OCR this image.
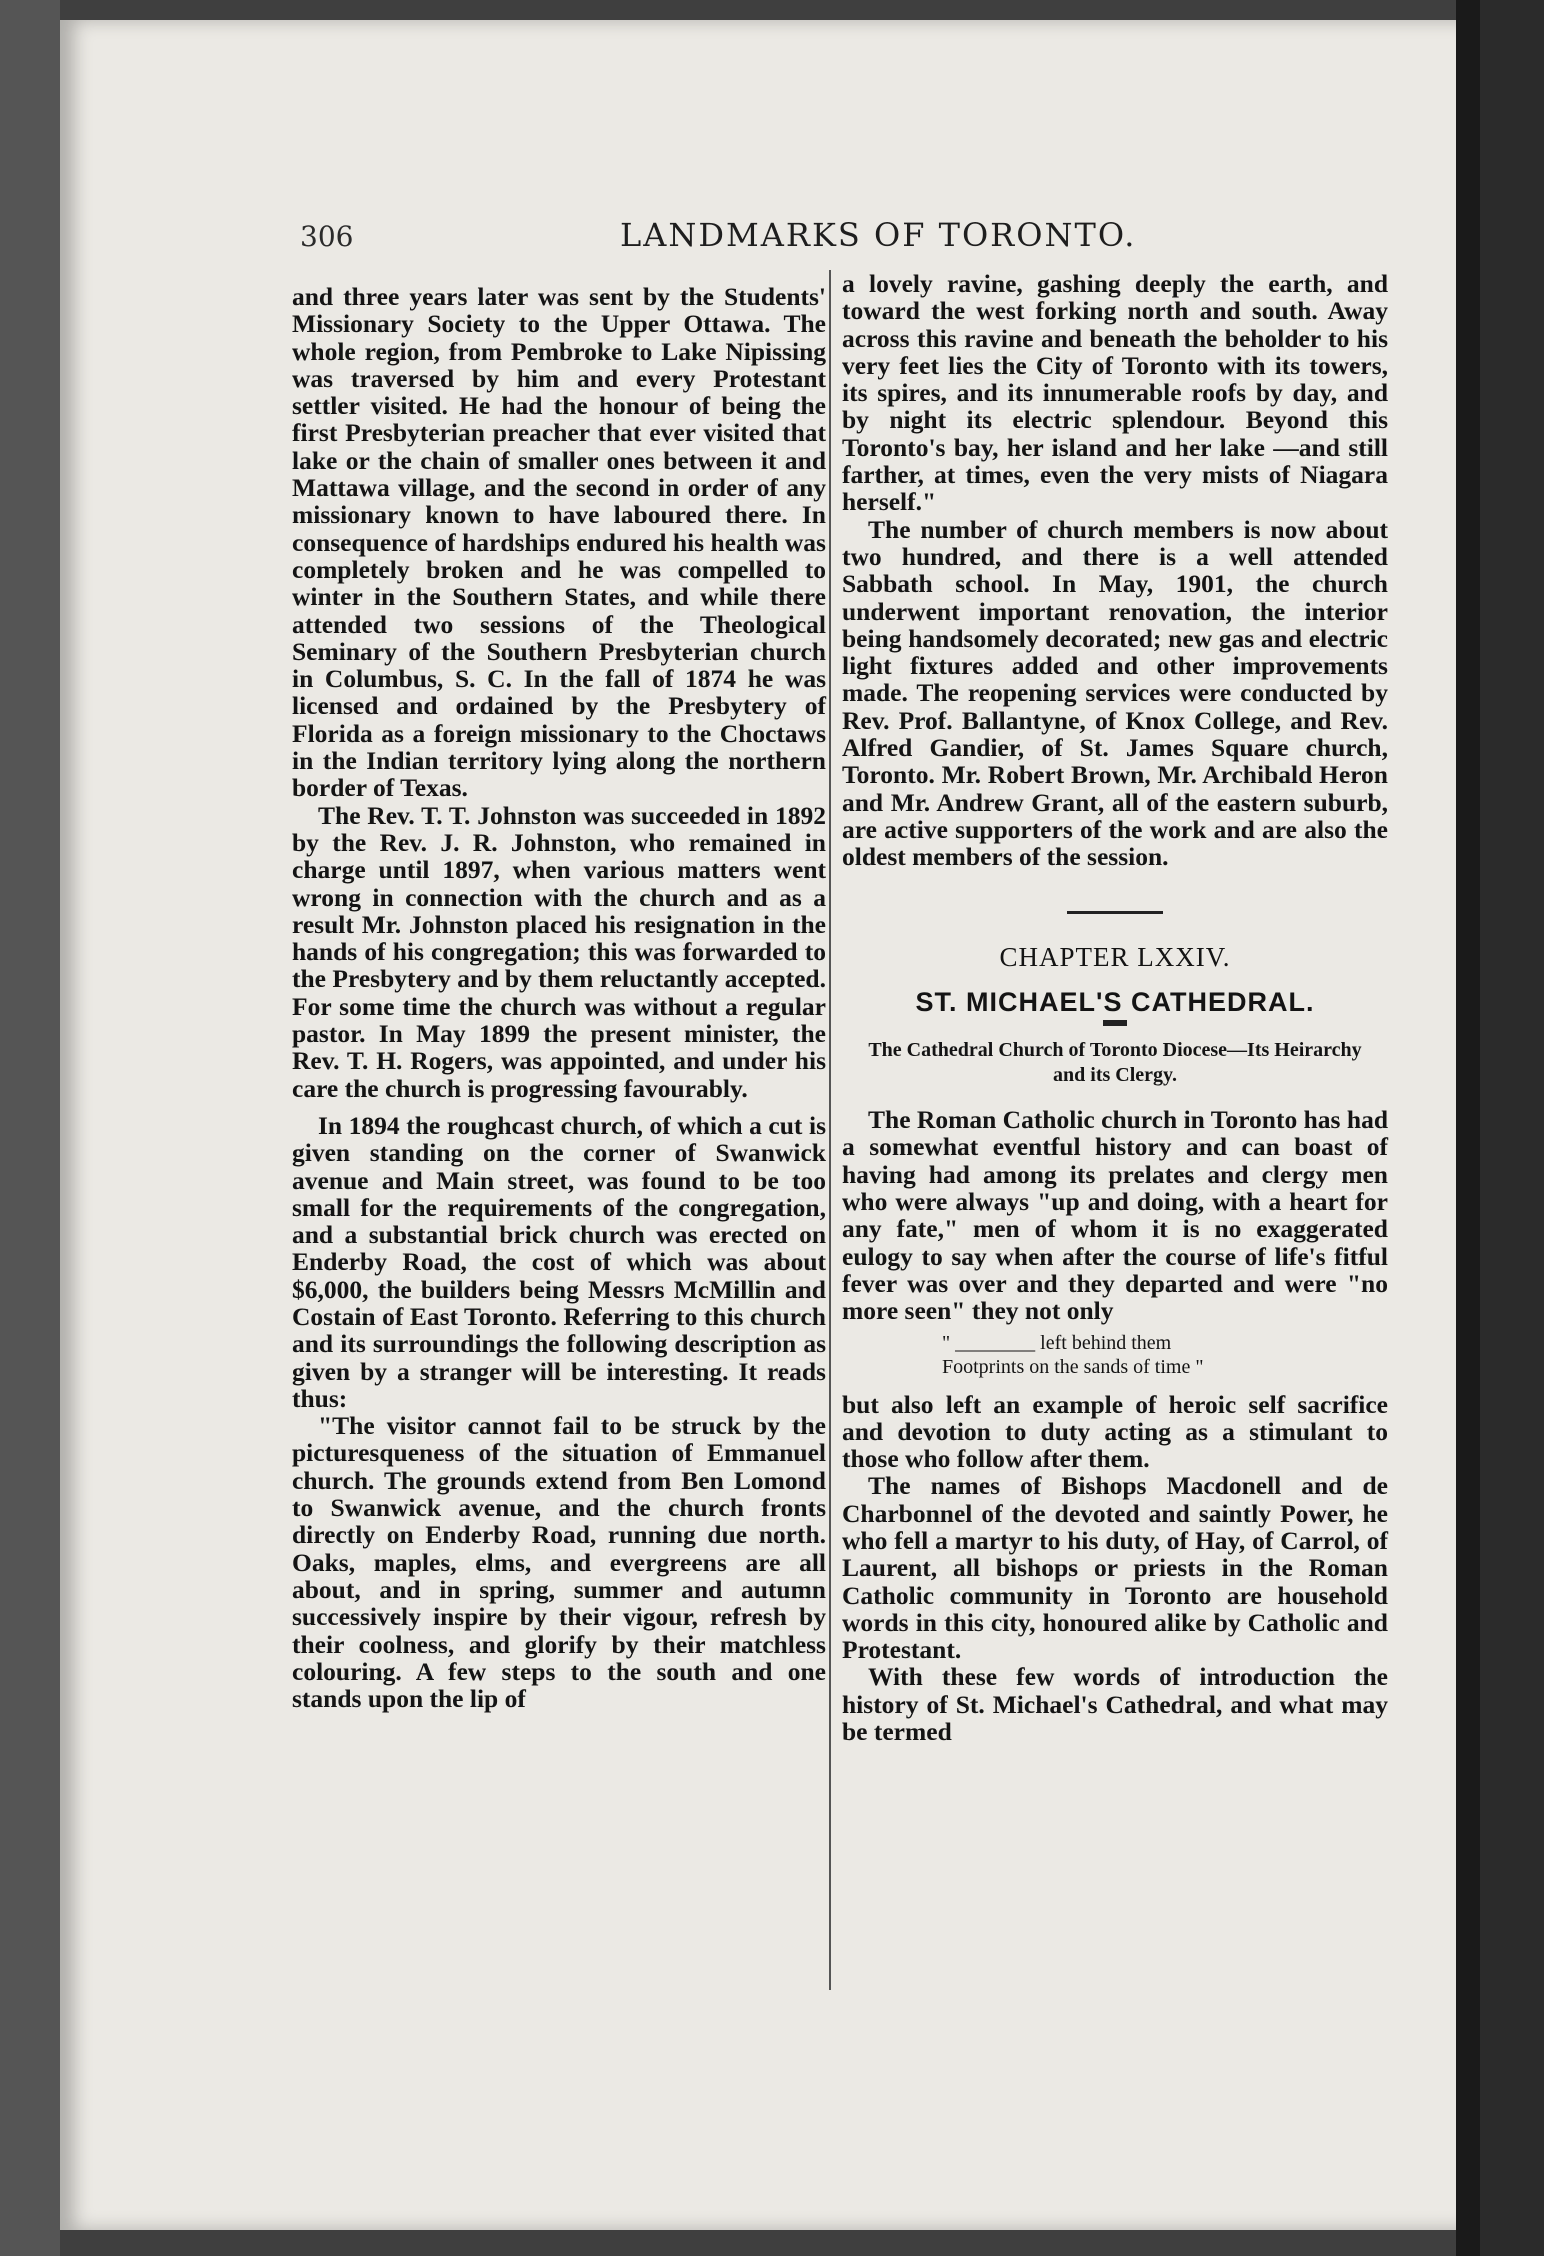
306	LANDMARKS OF TORONTO.

and three years later was sent by the Students' Missionary Society to the Upper Ottawa. The whole region, from Pembroke to Lake Nipissing was traversed by him and every Protestant settler visited. He had the honour of being the first Presbyterian preacher that ever visited that lake or the chain of smaller ones between it and Mattawa village, and the second in order of any missionary known to have laboured there. In consequence of hardships endured his health was completely broken and he was compelled to winter in the Southern States, and while there attended two sessions of the Theological Seminary of the Southern Presbyterian church in Columbus, S. C. In the fall of 1874 he was licensed and ordained by the Presbytery of Florida as a foreign missionary to the Choctaws in the Indian territory lying along the northern border of Texas.

The Rev. T. T. Johnston was succeeded in 1892 by the Rev. J. R. Johnston, who remained in charge until 1897, when various matters went wrong in connection with the church and as a result Mr. Johnston placed his resignation in the hands of his congregation; this was forwarded to the Presbytery and by them reluctantly accepted. For some time the church was without a regular pastor. In May 1899 the present minister, the Rev. T. H. Rogers, was appointed, and under his care the church is progressing favourably.

In 1894 the roughcast church, of which a cut is given standing on the corner of Swanwick avenue and Main street, was found to be too small for the requirements of the congregation, and a substantial brick church was erected on Enderby Road, the cost of which was about $6,000, the builders being Messrs McMillin and Costain of East Toronto. Referring to this church and its surroundings the following description as given by a stranger will be interesting. It reads thus:

"The visitor cannot fail to be struck by the picturesqueness of the situation of Emmanuel church. The grounds extend from Ben Lomond to Swanwick avenue, and the church fronts directly on Enderby Road, running due north. Oaks, maples, elms, and evergreens are all about, and in spring, summer and autumn successively inspire by their vigour, refresh by their coolness, and glorify by their matchless colouring. A few steps to the south and one stands upon the lip of

a lovely ravine, gashing deeply the earth, and toward the west forking north and south. Away across this ravine and beneath the beholder to his very feet lies the City of Toronto with its towers, its spires, and its innumerable roofs by day, and by night its electric splendour. Beyond this Toronto's bay, her island and her lake —and still farther, at times, even the very mists of Niagara herself."

The number of church members is now about two hundred, and there is a well attended Sabbath school. In May, 1901, the church underwent important renovation, the interior being handsomely decorated; new gas and electric light fixtures added and other improvements made. The reopening services were conducted by Rev. Prof. Ballantyne, of Knox College, and Rev. Alfred Gandier, of St. James Square church, Toronto. Mr. Robert Brown, Mr. Archibald Heron and Mr. Andrew Grant, all of the eastern suburb, are active supporters of the work and are also the oldest members of the session.

CHAPTER LXXIV.
ST. MICHAEL'S CATHEDRAL.
The Cathedral Church of Toronto Diocese—Its Heirarchy and its Clergy.

The Roman Catholic church in Toronto has had a somewhat eventful history and can boast of having had among its prelates and clergy men who were always "up and doing, with a heart for any fate," men of whom it is no exaggerated eulogy to say when after the course of life's fitful fever was over and they departed and were "no more seen" they not only

" ________ left behind them
Footprints on the sands of time "

but also left an example of heroic self sacrifice and devotion to duty acting as a stimulant to those who follow after them.

The names of Bishops Macdonell and de Charbonnel of the devoted and saintly Power, he who fell a martyr to his duty, of Hay, of Carrol, of Laurent, all bishops or priests in the Roman Catholic community in Toronto are household words in this city, honoured alike by Catholic and Protestant.

With these few words of introduction the history of St. Michael's Cathedral, and what may be termed
